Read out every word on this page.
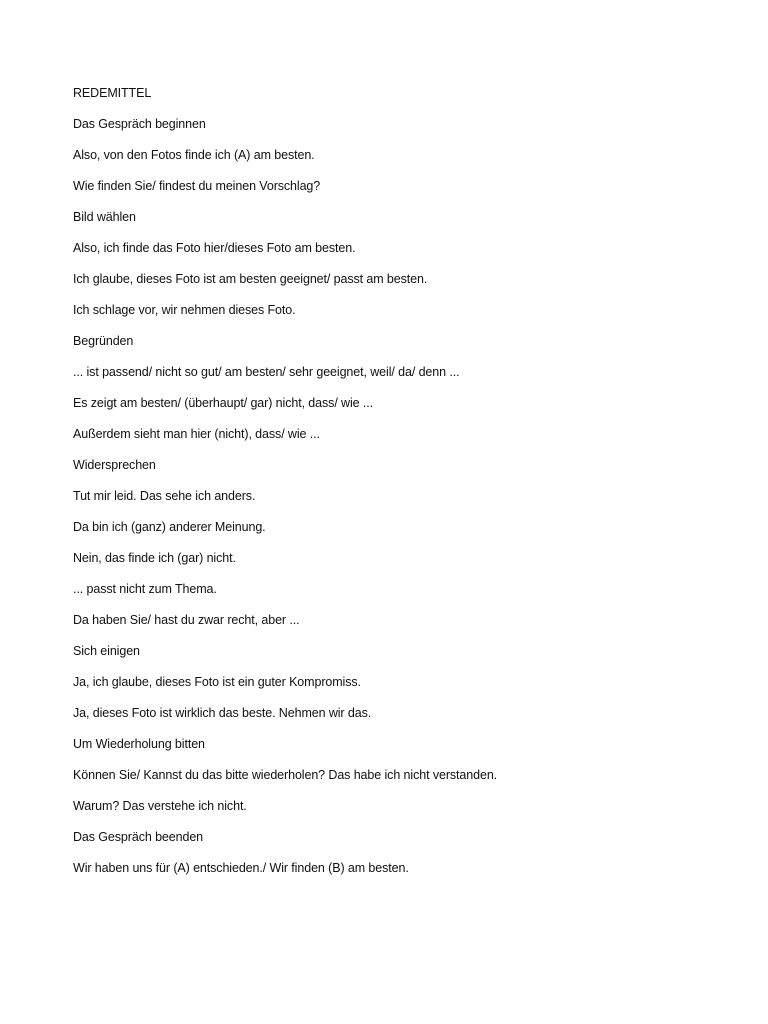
REDEMITTEL
Das Gespräch beginnen
Also, von den Fotos finde ich (A) am besten.
Wie finden Sie/ findest du meinen Vorschlag?
Bild wählen
Also, ich finde das Foto hier/dieses Foto am besten.
Ich glaube, dieses Foto ist am besten geeignet/ passt am besten.
Ich schlage vor, wir nehmen dieses Foto.
Begründen
... ist passend/ nicht so gut/ am besten/ sehr geeignet, weil/ da/ denn ...
Es zeigt am besten/ (überhaupt/ gar) nicht, dass/ wie ...
Außerdem sieht man hier (nicht), dass/ wie ...
Widersprechen
Tut mir leid. Das sehe ich anders.
Da bin ich (ganz) anderer Meinung.
Nein, das finde ich (gar) nicht.
... passt nicht zum Thema.
Da haben Sie/ hast du zwar recht, aber ...
Sich einigen
Ja, ich glaube, dieses Foto ist ein guter Kompromiss.
Ja, dieses Foto ist wirklich das beste. Nehmen wir das.
Um Wiederholung bitten
Können Sie/ Kannst du das bitte wiederholen? Das habe ich nicht verstanden.
Warum? Das verstehe ich nicht.
Das Gespräch beenden
Wir haben uns für (A) entschieden./ Wir finden (B) am besten.
